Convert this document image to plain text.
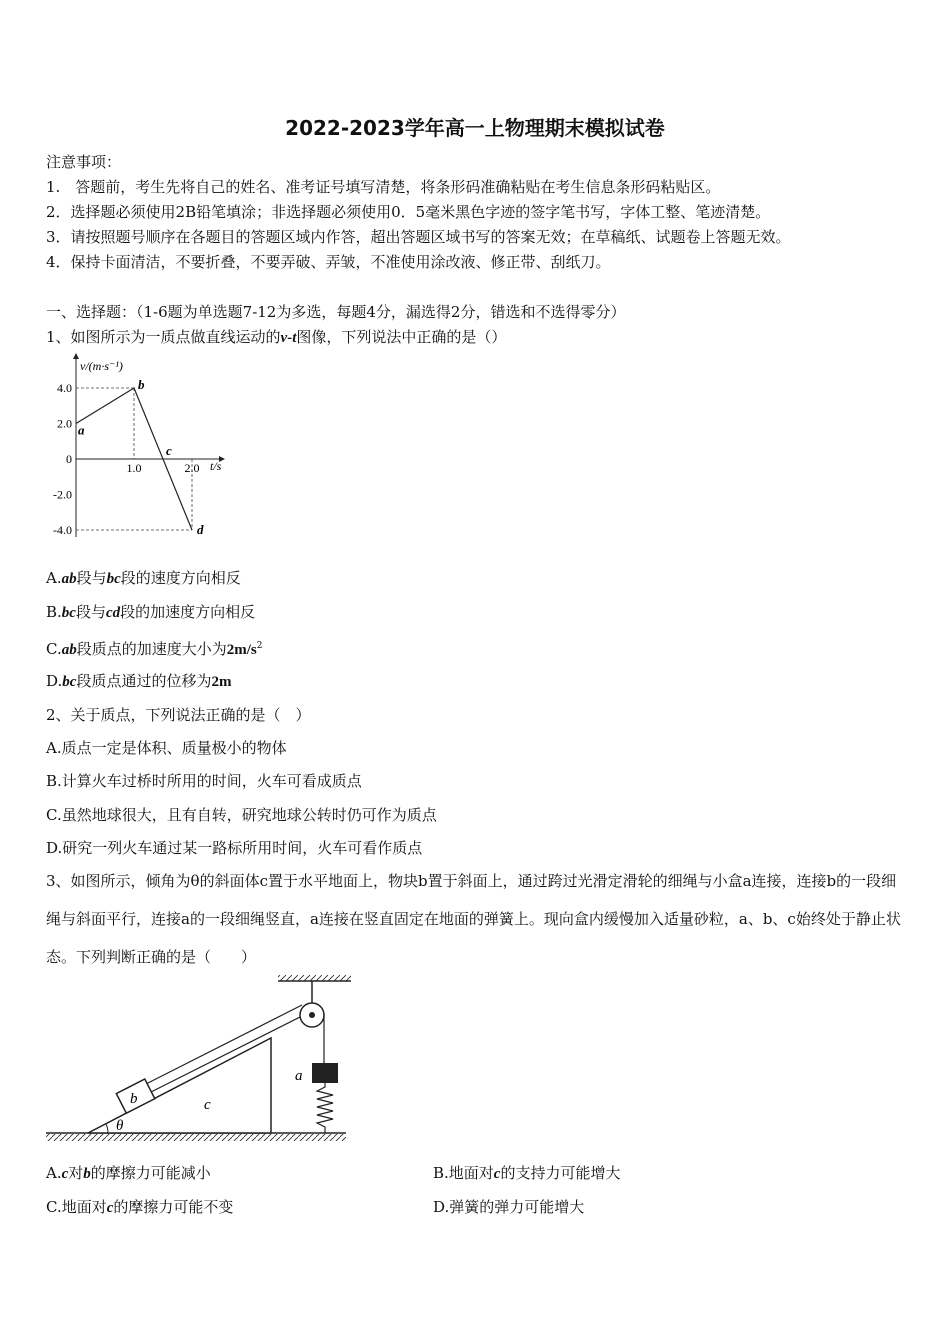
2022-2023学年高一上物理期末模拟试卷
注意事项：
1.　答题前，考生先将自己的姓名、准考证号填写清楚，将条形码准确粘贴在考生信息条形码粘贴区。
2．选择题必须使用2B铅笔填涂；非选择题必须使用0．5毫米黑色字迹的签字笔书写，字体工整、笔迹清楚。
3．请按照题号顺序在各题目的答题区域内作答，超出答题区域书写的答案无效；在草稿纸、试题卷上答题无效。
4．保持卡面清洁，不要折叠，不要弄破、弄皱，不准使用涂改液、修正带、刮纸刀。
一、选择题：（1-6题为单选题7-12为多选，每题4分，漏选得2分，错选和不选得零分）
1、如图所示为一质点做直线运动的v-t图像，下列说法中正确的是（）
4.0
2.0
0
-2.0
-4.0
1.0	2.0
a
b
c
d
v/(m·s⁻¹)
t/s
A.ab段与bc段的速度方向相反
B.bc段与cd段的加速度方向相反
C.ab段质点的加速度大小为$2m/s^2$
D.bc段质点通过的位移为2m
2、关于质点，下列说法正确的是（　）
A.质点一定是体积、质量极小的物体
B.计算火车过桥时所用的时间，火车可看成质点
C.虽然地球很大，且有自转，研究地球公转时仍可作为质点
D.研究一列火车通过某一路标所用时间，火车可看作质点
3、如图所示，倾角为θ的斜面体c置于水平地面上，物块b置于斜面上，通过跨过光滑定滑轮的细绳与小盒a连接，连接b的一段细绳与斜面平行，连接a的一段细绳竖直，a连接在竖直固定在地面的弹簧上。现向盒内缓慢加入适量砂粒，a、b、c始终处于静止状态。下列判断正确的是（　　）
θ
b	c
a
A.c对b的摩擦力可能减小	B.地面对c的支持力可能增大
C.地面对c的摩擦力可能不变	D.弹簧的弹力可能增大
